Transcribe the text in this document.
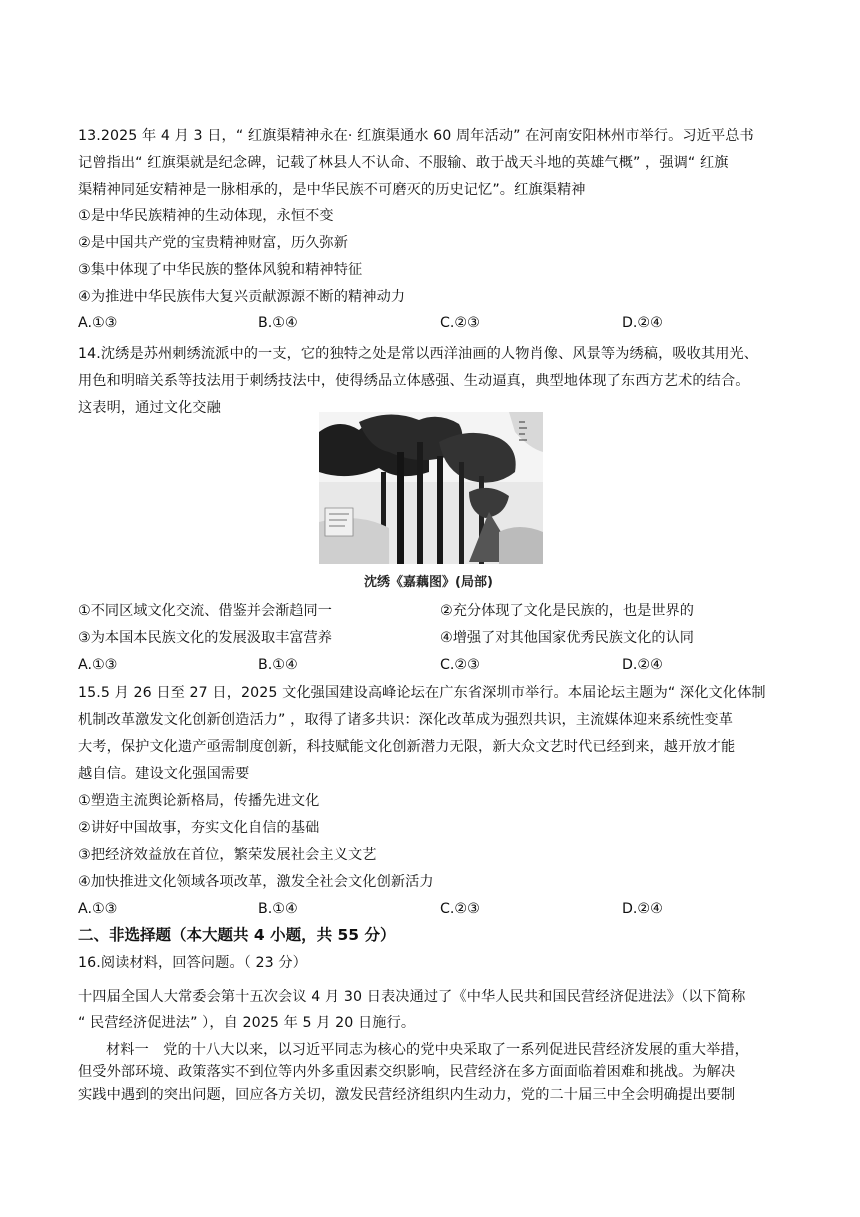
13.2025 年 4 月 3 日，“ 红旗渠精神永在· 红旗渠通水 60 周年活动” 在河南安阳林州市举行。习近平总书
记曾指出“ 红旗渠就是纪念碑，记载了林县人不认命、不服输、敢于战天斗地的英雄气概” ，强调“ 红旗
渠精神同延安精神是一脉相承的，是中华民族不可磨灭的历史记忆”。红旗渠精神
①是中华民族精神的生动体现，永恒不变
②是中国共产党的宝贵精神财富，历久弥新
③集中体现了中华民族的整体风貌和精神特征
④为推进中华民族伟大复兴贡献源源不断的精神动力
A.①③	B.①④	C.②③	D.②④
14.沈绣是苏州刺绣流派中的一支，它的独特之处是常以西洋油画的人物肖像、风景等为绣稿，吸收其用光、
用色和明暗关系等技法用于刺绣技法中，使得绣品立体感强、生动逼真，典型地体现了东西方艺术的结合。
这表明，通过文化交融
沈绣《嘉藕图》(局部)
①不同区域文化交流、借鉴并会渐趋同一	②充分体现了文化是民族的，也是世界的
③为本国本民族文化的发展汲取丰富营养	④增强了对其他国家优秀民族文化的认同
A.①③	B.①④	C.②③	D.②④
15.5 月 26 日至 27 日，2025 文化强国建设高峰论坛在广东省深圳市举行。本届论坛主题为“ 深化文化体制
机制改革激发文化创新创造活力” ，取得了诸多共识：深化改革成为强烈共识，主流媒体迎来系统性变革
大考，保护文化遗产亟需制度创新，科技赋能文化创新潜力无限，新大众文艺时代已经到来，越开放才能
越自信。建设文化强国需要
①塑造主流舆论新格局，传播先进文化
②讲好中国故事，夯实文化自信的基础
③把经济效益放在首位，繁荣发展社会主义文艺
④加快推进文化领域各项改革，激发全社会文化创新活力
A.①③	B.①④	C.②③	D.②④
二、非选择题（本大题共 4 小题，共 55 分）
16.阅读材料，回答问题。（ 23 分）
十四届全国人大常委会第十五次会议 4 月 30 日表决通过了《中华人民共和国民营经济促进法》（以下简称
“ 民营经济促进法” ），自 2025 年 5 月 20 日施行。
材料一　党的十八大以来，以习近平同志为核心的党中央采取了一系列促进民营经济发展的重大举措，
但受外部环境、政策落实不到位等内外多重因素交织影响，民营经济在多方面面临着困难和挑战。为解决
实践中遇到的突出问题，回应各方关切，激发民营经济组织内生动力，党的二十届三中全会明确提出要制
